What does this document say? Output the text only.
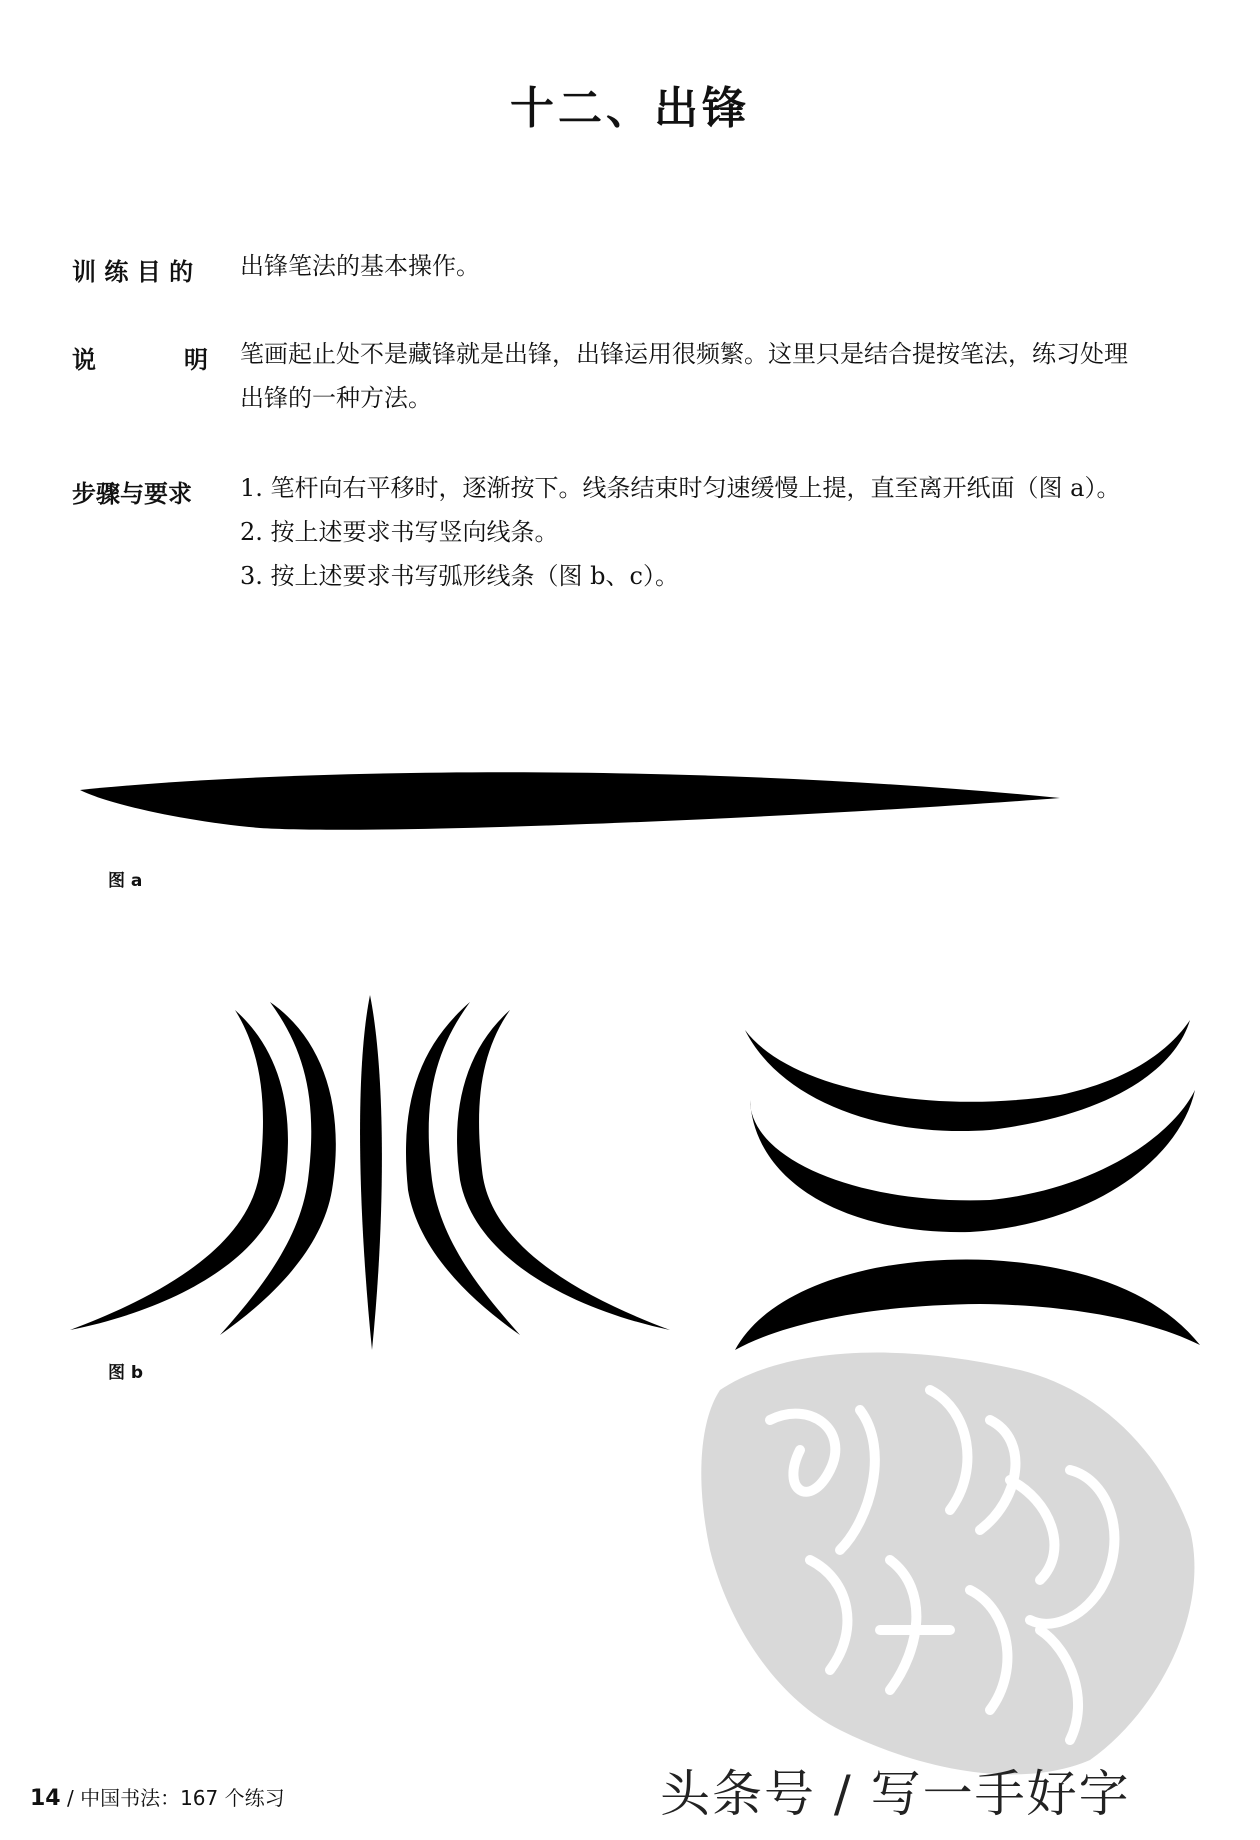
十二、出锋
训 练 目 的	出锋笔法的基本操作。
说明 笔画起止处不是藏锋就是出锋，出锋运用很频繁。这里只是结合提按笔法，练习处理
出锋的一种方法。
步骤与要求	1. 笔杆向右平移时，逐渐按下。线条结束时匀速缓慢上提，直至离开纸面（图 a）。
2. 按上述要求书写竖向线条。
3. 按上述要求书写弧形线条（图 b、c）。
图 a
图 b
14 / 中国书法：167 个练习	头条号 / 写一手好字
